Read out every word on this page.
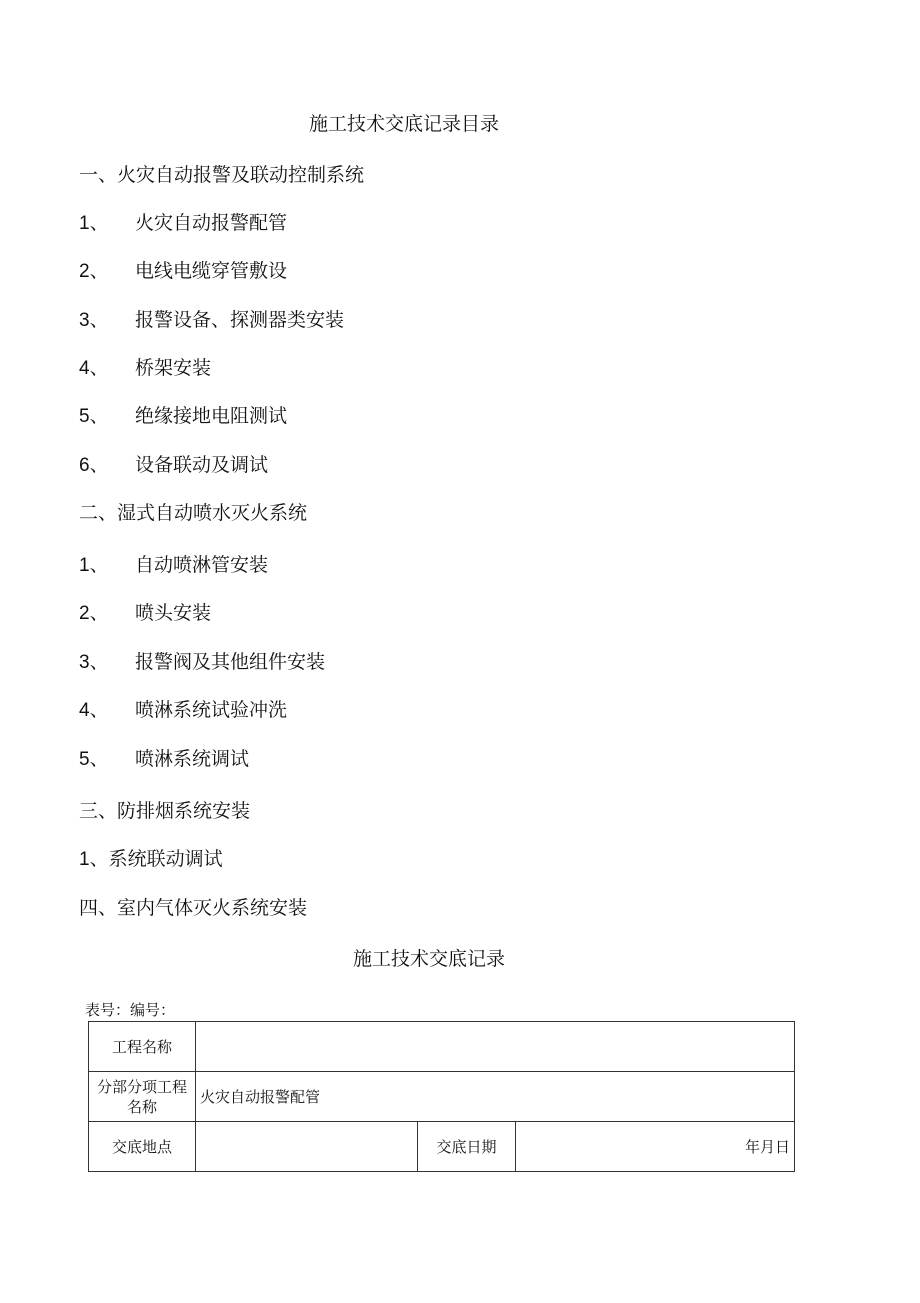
施工技术交底记录目录
一、火灾自动报警及联动控制系统
1、 火灾自动报警配管
2、 电线电缆穿管敷设
3、 报警设备、探测器类安装
4、 桥架安装
5、 绝缘接地电阻测试
6、 设备联动及调试
二、湿式自动喷水灭火系统
1、 自动喷淋管安装
2、 喷头安装
3、 报警阀及其他组件安装
4、 喷淋系统试验冲洗
5、 喷淋系统调试
三、防排烟系统安装
1、系统联动调试
四、室内气体灭火系统安装
施工技术交底记录
表号：编号：
工程名称			

分部分项工程
名称	火灾自动报警配管		
交底地点		交底日期	年月日
